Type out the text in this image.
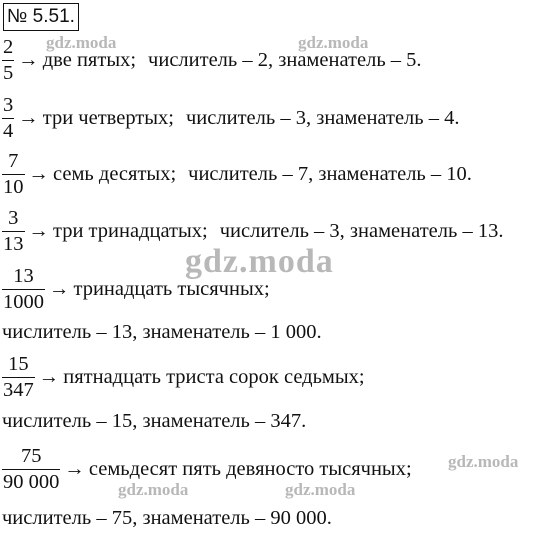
№ 5.51.
$\frac{2}{5}$ → две пятых; числитель – 2, знаменатель – 5.
$\frac{3}{4}$ → три четвертых; числитель – 3, знаменатель – 4.
$\frac{7}{10}$ → семь десятых; числитель – 7, знаменатель – 10.
$\frac{3}{13}$ → три тринадцатых; числитель – 3, знаменатель – 13.
$\frac{13}{1000}$ → тринадцать тысячных;
числитель – 13, знаменатель – 1 000.
$\frac{15}{347}$ → пятнадцать триста сорок седьмых;
числитель – 15, знаменатель – 347.
$\frac{75}{90 000}$ → семьдесят пять девяносто тысячных;
числитель – 75, знаменатель – 90 000.
gdz.moda	gdz.moda
gdz.moda
gdz.moda
gdz.moda	gdz.moda
